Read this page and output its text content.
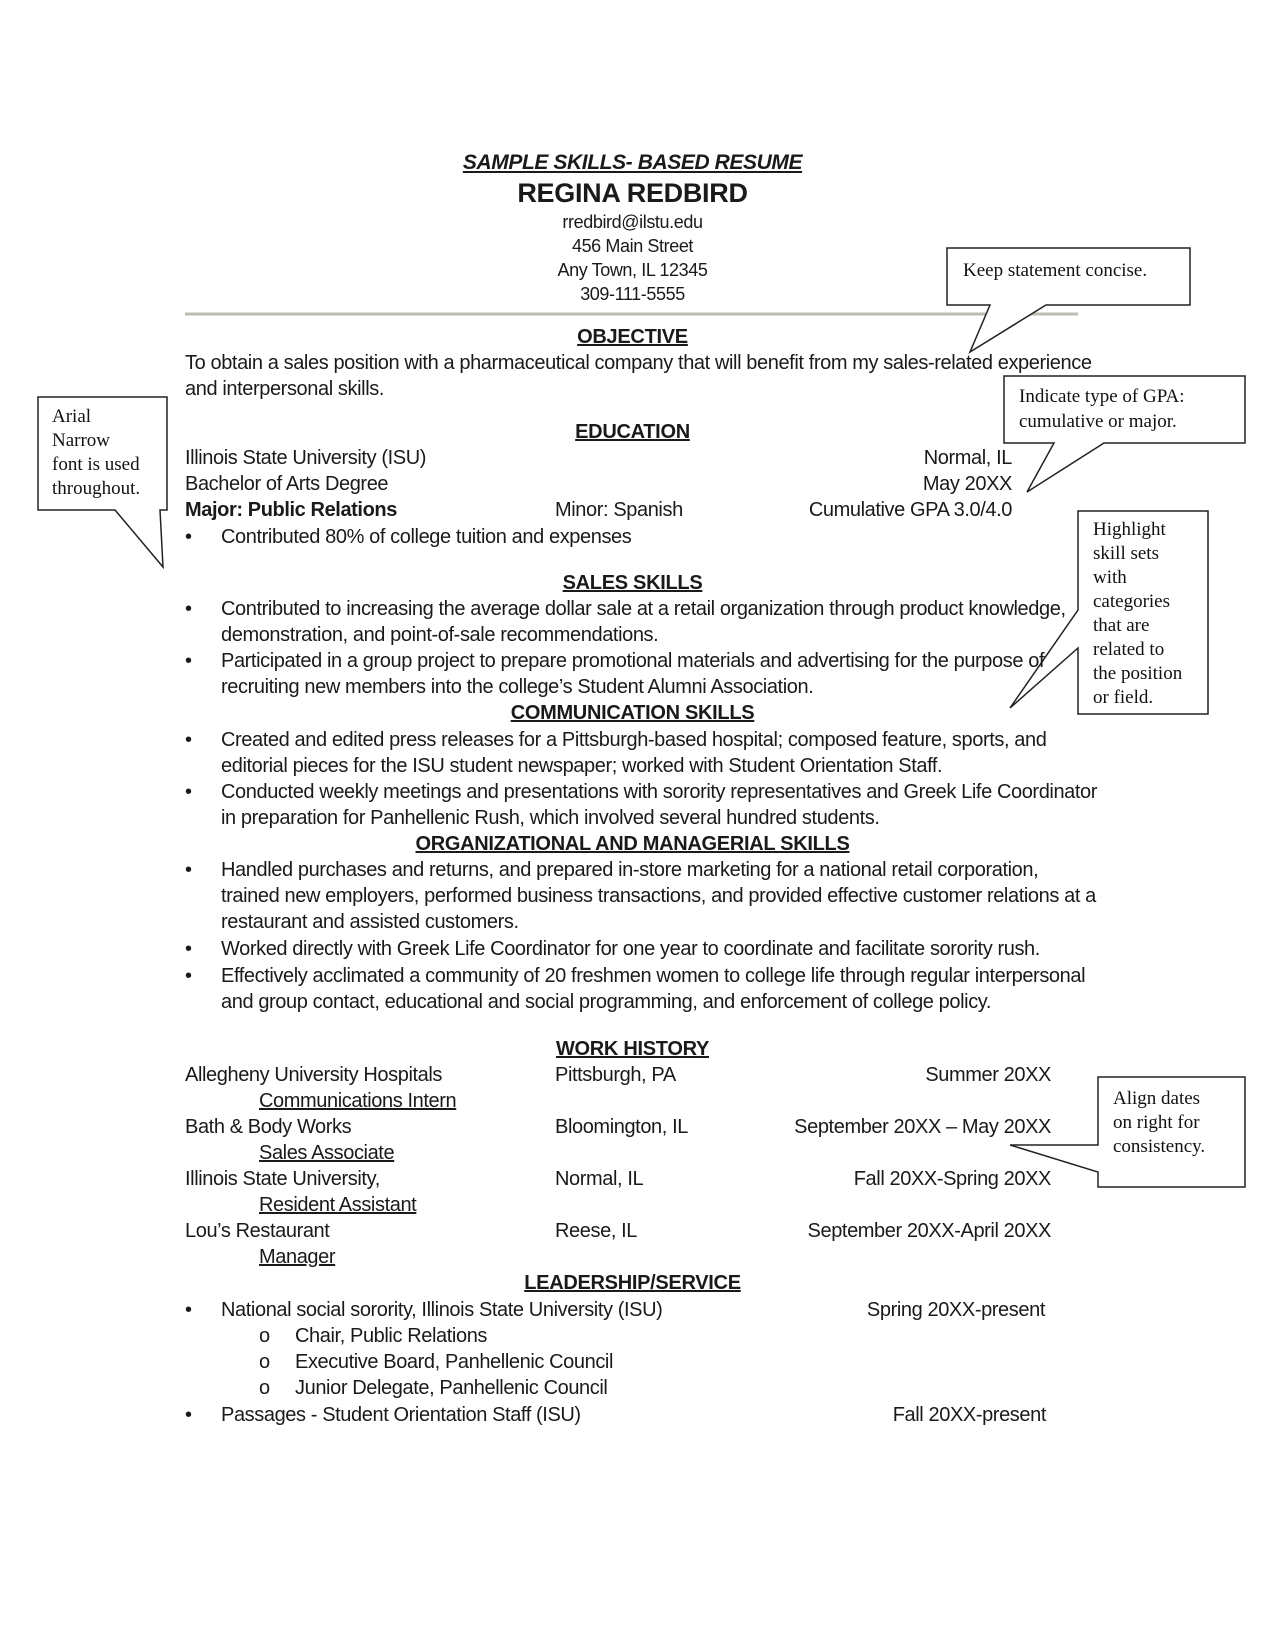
Keep statement concise.
Indicate type of GPA:
cumulative or major.
Arial
Narrow
font is used
throughout.
Highlight
skill sets
with
categories
that are
related to
the position
or field.
Align dates
on right for
consistency.
SAMPLE SKILLS- BASED RESUME
REGINA REDBIRD
rredbird@ilstu.edu
456 Main Street
Any Town, IL 12345
309-111-5555
OBJECTIVE
To obtain a sales position with a pharmaceutical company that will benefit from my sales-related experience
and interpersonal skills.
EDUCATION
Illinois State University (ISU)	Normal, IL
Bachelor of Arts Degree	May 20XX
Major: Public Relations	Minor: Spanish	Cumulative GPA 3.0/4.0
• Contributed 80% of college tuition and expenses
SALES SKILLS
• Contributed to increasing the average dollar sale at a retail organization through product knowledge,
demonstration, and point-of-sale recommendations.
• Participated in a group project to prepare promotional materials and advertising for the purpose of
recruiting new members into the college’s Student Alumni Association.
COMMUNICATION SKILLS
• Created and edited press releases for a Pittsburgh-based hospital; composed feature, sports, and
editorial pieces for the ISU student newspaper; worked with Student Orientation Staff.
• Conducted weekly meetings and presentations with sorority representatives and Greek Life Coordinator
in preparation for Panhellenic Rush, which involved several hundred students.
ORGANIZATIONAL AND MANAGERIAL SKILLS
• Handled purchases and returns, and prepared in-store marketing for a national retail corporation,
trained new employers, performed business transactions, and provided effective customer relations at a
restaurant and assisted customers.
• Worked directly with Greek Life Coordinator for one year to coordinate and facilitate sorority rush.
• Effectively acclimated a community of 20 freshmen women to college life through regular interpersonal
and group contact, educational and social programming, and enforcement of college policy.
WORK HISTORY
Allegheny University Hospitals	Pittsburgh, PA	Summer 20XX
Communications Intern
Bath & Body Works	Bloomington, IL	September 20XX – May 20XX
Sales Associate
Illinois State University,	Normal, IL	Fall 20XX-Spring 20XX
Resident Assistant
Lou’s Restaurant	Reese, IL	September 20XX-April 20XX
Manager
LEADERSHIP/SERVICE
• National social sorority, Illinois State University (ISU)	Spring 20XX-present
o Chair, Public Relations
o Executive Board, Panhellenic Council
o Junior Delegate, Panhellenic Council
• Passages - Student Orientation Staff (ISU)	Fall 20XX-present
